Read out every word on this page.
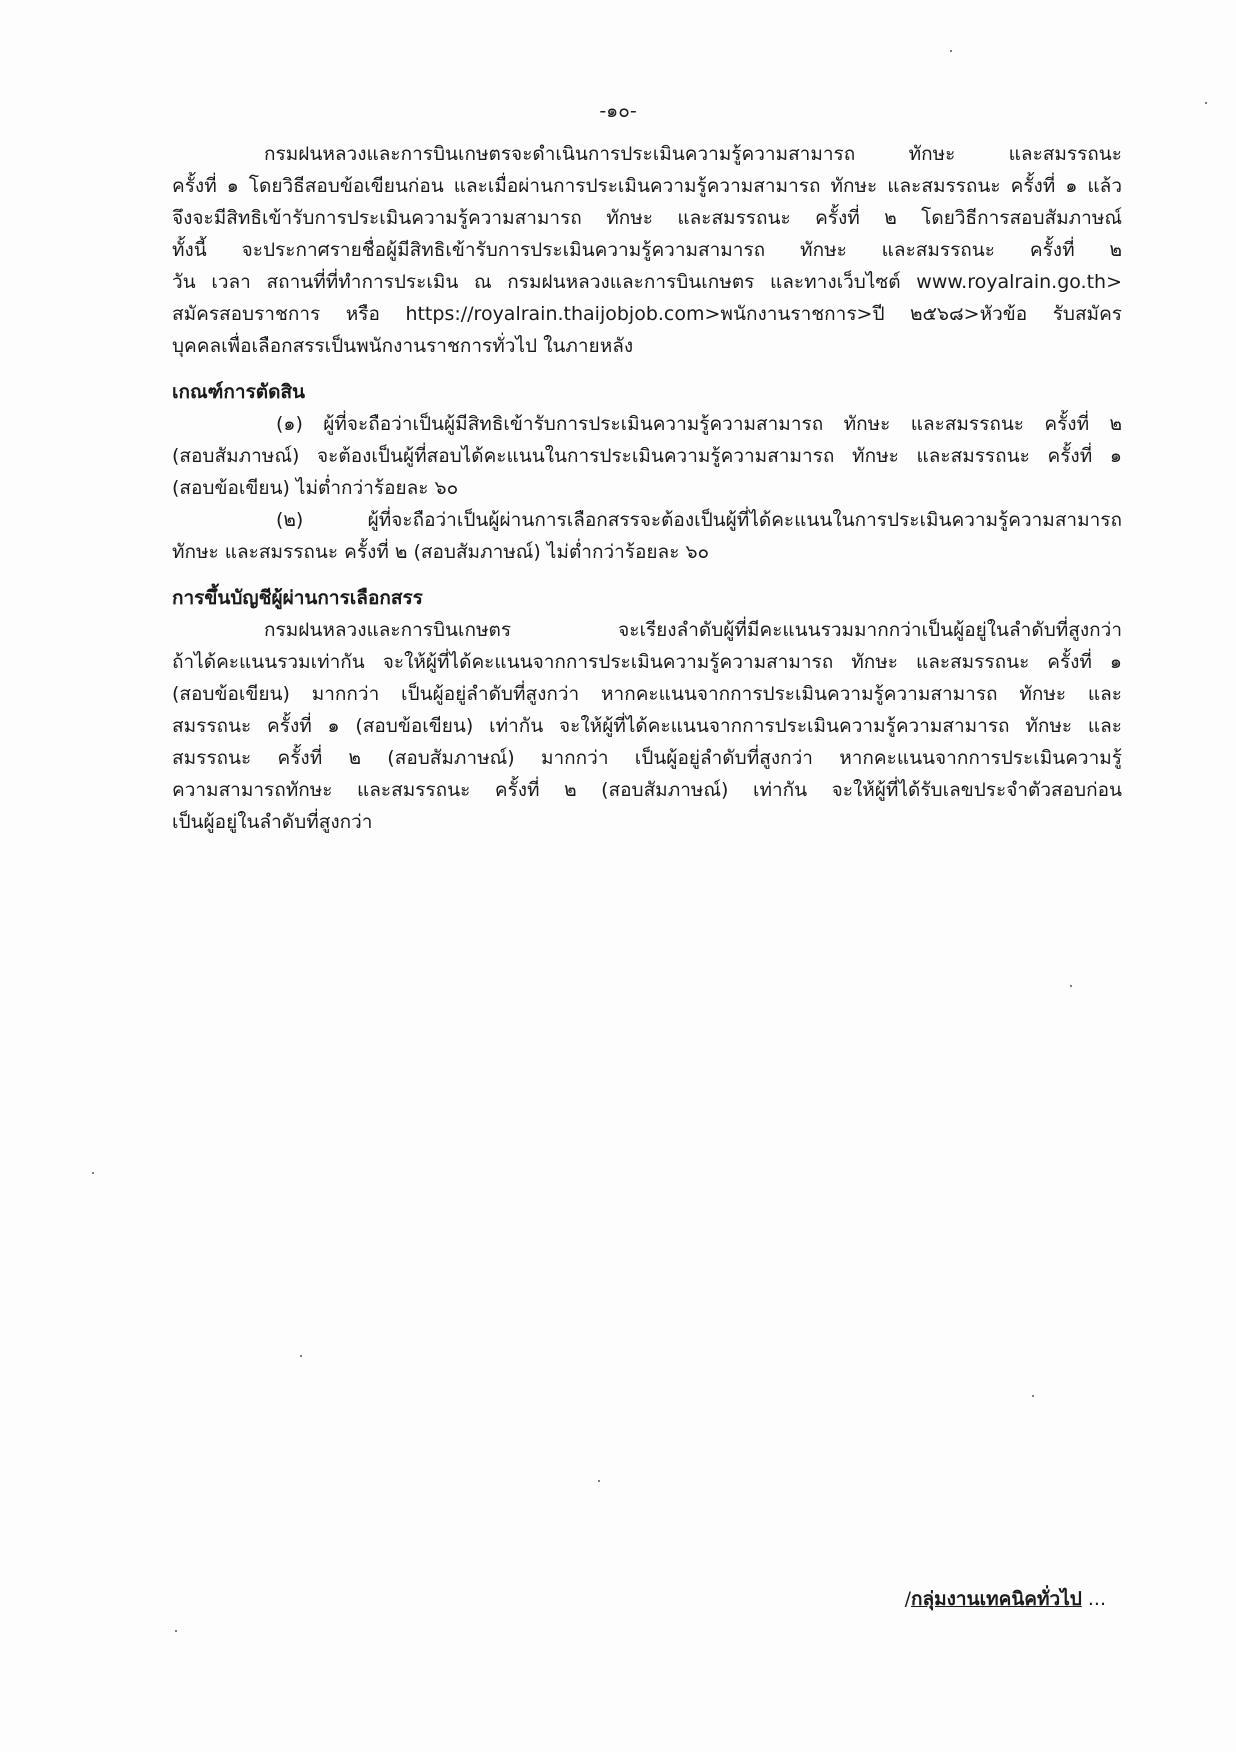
-๑๐-
กรมฝนหลวงและการบินเกษตรจะดำเนินการประเมินความรู้ความสามารถ ทักษะ และสมรรถนะ
ครั้งที่ ๑ โดยวิธีสอบข้อเขียนก่อน และเมื่อผ่านการประเมินความรู้ความสามารถ ทักษะ และสมรรถนะ ครั้งที่ ๑ แล้ว
จึงจะมีสิทธิเข้ารับการประเมินความรู้ความสามารถ ทักษะ และสมรรถนะ ครั้งที่ ๒ โดยวิธีการสอบสัมภาษณ์
ทั้งนี้ จะประกาศรายชื่อผู้มีสิทธิเข้ารับการประเมินความรู้ความสามารถ ทักษะ และสมรรถนะ ครั้งที่ ๒
วัน เวลา สถานที่ที่ทำการประเมิน ณ กรมฝนหลวงและการบินเกษตร และทางเว็บไซต์ www.royalrain.go.th>
สมัครสอบราชการ หรือ https://royalrain.thaijobjob.com>พนักงานราชการ>ปี ๒๕๖๘>หัวข้อ รับสมัคร
บุคคลเพื่อเลือกสรรเป็นพนักงานราชการทั่วไป ในภายหลัง
เกณฑ์การตัดสิน
(๑) ผู้ที่จะถือว่าเป็นผู้มีสิทธิเข้ารับการประเมินความรู้ความสามารถ ทักษะ และสมรรถนะ ครั้งที่ ๒
(สอบสัมภาษณ์) จะต้องเป็นผู้ที่สอบได้คะแนนในการประเมินความรู้ความสามารถ ทักษะ และสมรรถนะ ครั้งที่ ๑
(สอบข้อเขียน) ไม่ต่ำกว่าร้อยละ ๖๐
(๒) ผู้ที่จะถือว่าเป็นผู้ผ่านการเลือกสรรจะต้องเป็นผู้ที่ได้คะแนนในการประเมินความรู้ความสามารถ
ทักษะ และสมรรถนะ ครั้งที่ ๒ (สอบสัมภาษณ์) ไม่ต่ำกว่าร้อยละ ๖๐
การขึ้นบัญชีผู้ผ่านการเลือกสรร
กรมฝนหลวงและการบินเกษตร จะเรียงลำดับผู้ที่มีคะแนนรวมมากกว่าเป็นผู้อยู่ในลำดับที่สูงกว่า
ถ้าได้คะแนนรวมเท่ากัน จะให้ผู้ที่ได้คะแนนจากการประเมินความรู้ความสามารถ ทักษะ และสมรรถนะ ครั้งที่ ๑
(สอบข้อเขียน) มากกว่า เป็นผู้อยู่ลำดับที่สูงกว่า หากคะแนนจากการประเมินความรู้ความสามารถ ทักษะ และ
สมรรถนะ ครั้งที่ ๑ (สอบข้อเขียน) เท่ากัน จะให้ผู้ที่ได้คะแนนจากการประเมินความรู้ความสามารถ ทักษะ และ
สมรรถนะ ครั้งที่ ๒ (สอบสัมภาษณ์) มากกว่า เป็นผู้อยู่ลำดับที่สูงกว่า หากคะแนนจากการประเมินความรู้
ความสามารถทักษะ และสมรรถนะ ครั้งที่ ๒ (สอบสัมภาษณ์) เท่ากัน จะให้ผู้ที่ได้รับเลขประจำตัวสอบก่อน
เป็นผู้อยู่ในลำดับที่สูงกว่า
/กลุ่มงานเทคนิคทั่วไป ...
